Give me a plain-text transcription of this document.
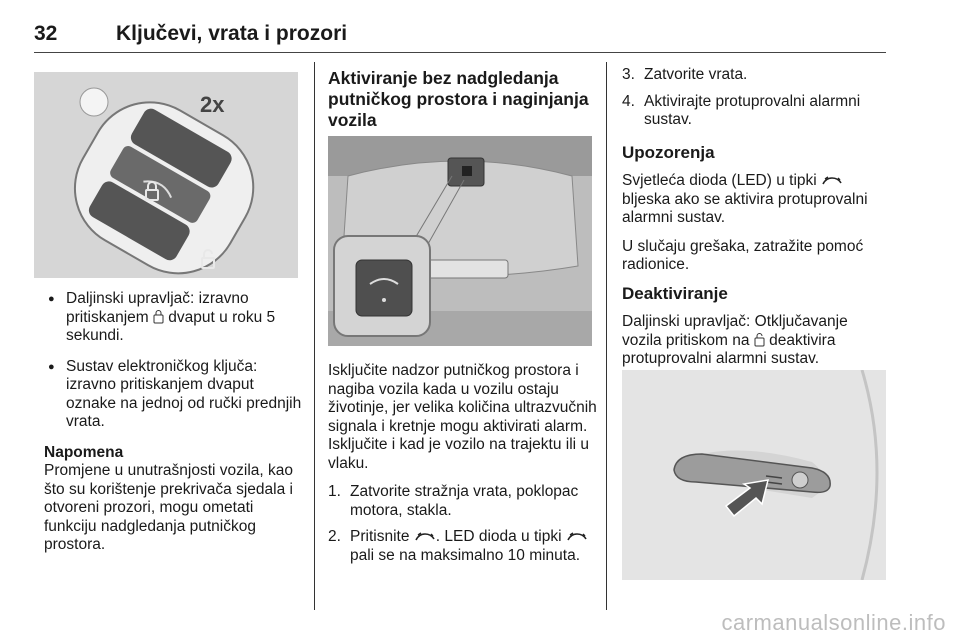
32	Ključevi, vrata i prozori
2x
● Daljinski upravljač: izravno pritiskanjem  dvaput u roku 5 sekundi.
● Sustav elektroničkog ključa: izravno pritiskanjem dvaput oznake na jednoj od ručki prednjih vrata.
Napomena
Promjene u unutrašnjosti vozila, kao što su korištenje prekrivača sjedala i otvoreni prozori, mogu ometati funkciju nadgledanja putničkog prostora.
Aktiviranje bez nadgledanja putničkog prostora i naginjanja vozila

Isključite nadzor putničkog prostora i nagiba vozila kada u vozilu ostaju životinje, jer velika količina ultrazvučnih signala i kretnje mogu aktivirati alarm. Isključite i kad je vozilo na trajektu ili u vlaku.

1. Zatvorite stražnja vrata, poklopac motora, stakla.
2. Pritisnite . LED dioda u tipki  pali se na maksimalno 10 minuta.
3. Zatvorite vrata.
4. Aktivirajte protuprovalni alarmni sustav.
Upozorenja

Svjetleća dioda (LED) u tipki  bljeska ako se aktivira protuprovalni alarmni sustav.

U slučaju grešaka, zatražite pomoć radionice.

Deaktiviranje

Daljinski upravljač: Otključavanje vozila pritiskom na  deaktivira protuprovalni alarmni sustav.

carmanualsonline.info
